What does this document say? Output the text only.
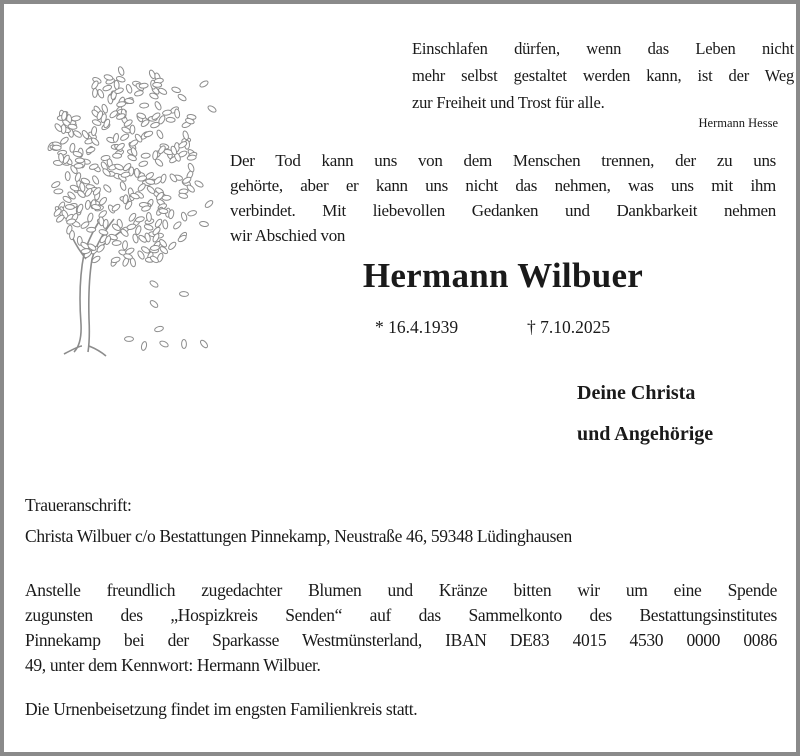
Einschlafen dürfen, wenn das Leben nicht
mehr selbst gestaltet werden kann, ist der Weg
zur Freiheit und Trost für alle.
Hermann Hesse
Der Tod kann uns von dem Menschen trennen, der zu uns
gehörte, aber er kann uns nicht das nehmen, was uns mit ihm
verbindet. Mit liebevollen Gedanken und Dankbarkeit nehmen
wir Abschied von
Hermann Wilbuer
* 16.4.1939	† 7.10.2025
Deine Christa
und Angehörige
Traueranschrift:
Christa Wilbuer c/o Bestattungen Pinnekamp, Neustraße 46, 59348 Lüdinghausen
Anstelle freundlich zugedachter Blumen und Kränze bitten wir um eine Spende
zugunsten des „Hospizkreis Senden“ auf das Sammelkonto des Bestattungsinstitutes
Pinnekamp bei der Sparkasse Westmünsterland, IBAN DE83 4015 4530 0000 0086
49, unter dem Kennwort: Hermann Wilbuer.
Die Urnenbeisetzung findet im engsten Familienkreis statt.
